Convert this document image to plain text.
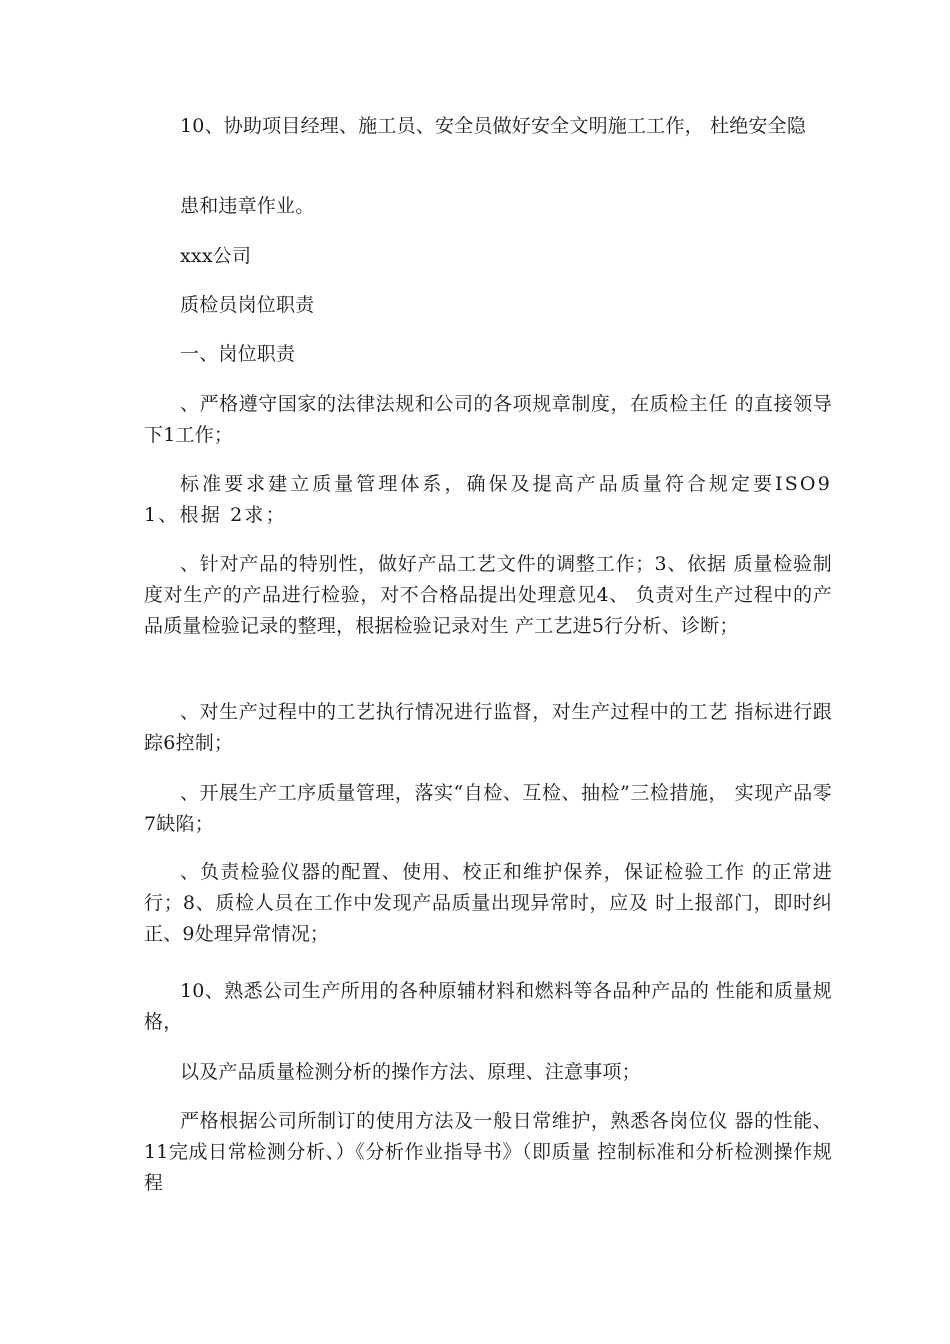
10、协助项目经理、施工员、安全员做好安全文明施工工作， 杜绝安全隐

患和违章作业。

xxx公司

质检员岗位职责

一、岗位职责

、严格遵守国家的法律法规和公司的各项规章制度，在质检主任 的直接领导下1工作；

标准要求建立质量管理体系，确保及提高产品质量符合规定要ISO91、根据 2求；

、针对产品的特别性，做好产品工艺文件的调整工作；3、依据 质量检验制度对生产的产品进行检验，对不合格品提出处理意见4、 负责对生产过程中的产品质量检验记录的整理，根据检验记录对生 产工艺进5行分析、诊断；

、对生产过程中的工艺执行情况进行监督，对生产过程中的工艺 指标进行跟踪6控制；

、开展生产工序质量管理，落实“自检、互检、抽检”三检措施， 实现产品零7缺陷；

、负责检验仪器的配置、使用、校正和维护保养，保证检验工作 的正常进行；8、质检人员在工作中发现产品质量出现异常时，应及 时上报部门，即时纠正、9处理异常情况；

10、熟悉公司生产所用的各种原辅材料和燃料等各品种产品的 性能和质量规格，

以及产品质量检测分析的操作方法、原理、注意事项；

严格根据公司所制订的使用方法及一般日常维护，熟悉各岗位仪 器的性能、11完成日常检测分析、）《分析作业指导书》（即质量 控制标准和分析检测操作规程
